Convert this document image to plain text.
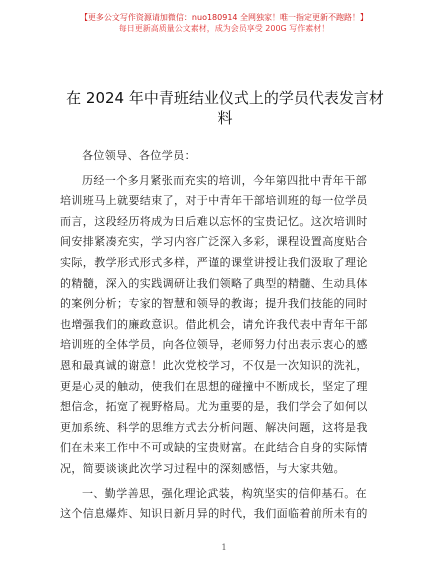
【更多公文写作资源请加微信：nuo180914 全网独家！唯一指定更新不跑路！】
每日更新高质量公文素材，成为会员享受 200G 写作素材！
在 2024 年中青班结业仪式上的学员代表发言材
料
各位领导、各位学员：
历经一个多月紧张而充实的培训，今年第四批中青年干部
培训班马上就要结束了，对于中青年干部培训班的每一位学员
而言，这段经历将成为日后难以忘怀的宝贵记忆。这次培训时
间安排紧凑充实，学习内容广泛深入多彩，课程设置高度贴合
实际，教学形式形式多样，严谨的课堂讲授让我们汲取了理论
的精髓，深入的实践调研让我们领略了典型的精髓、生动具体
的案例分析；专家的智慧和领导的教诲；提升我们技能的同时
也增强我们的廉政意识。借此机会，请允许我代表中青年干部
培训班的全体学员，向各位领导，老师努力付出表示衷心的感
恩和最真诚的谢意！此次党校学习，不仅是一次知识的洗礼，
更是心灵的触动，使我们在思想的碰撞中不断成长，坚定了理
想信念，拓宽了视野格局。尤为重要的是，我们学会了如何以
更加系统、科学的思维方式去分析问题、解决问题，这将是我
们在未来工作中不可或缺的宝贵财富。在此结合自身的实际情
况，简要谈谈此次学习过程中的深刻感悟，与大家共勉。
一、勤学善思，强化理论武装，构筑坚实的信仰基石。在
这个信息爆炸、知识日新月异的时代，我们面临着前所未有的
1
